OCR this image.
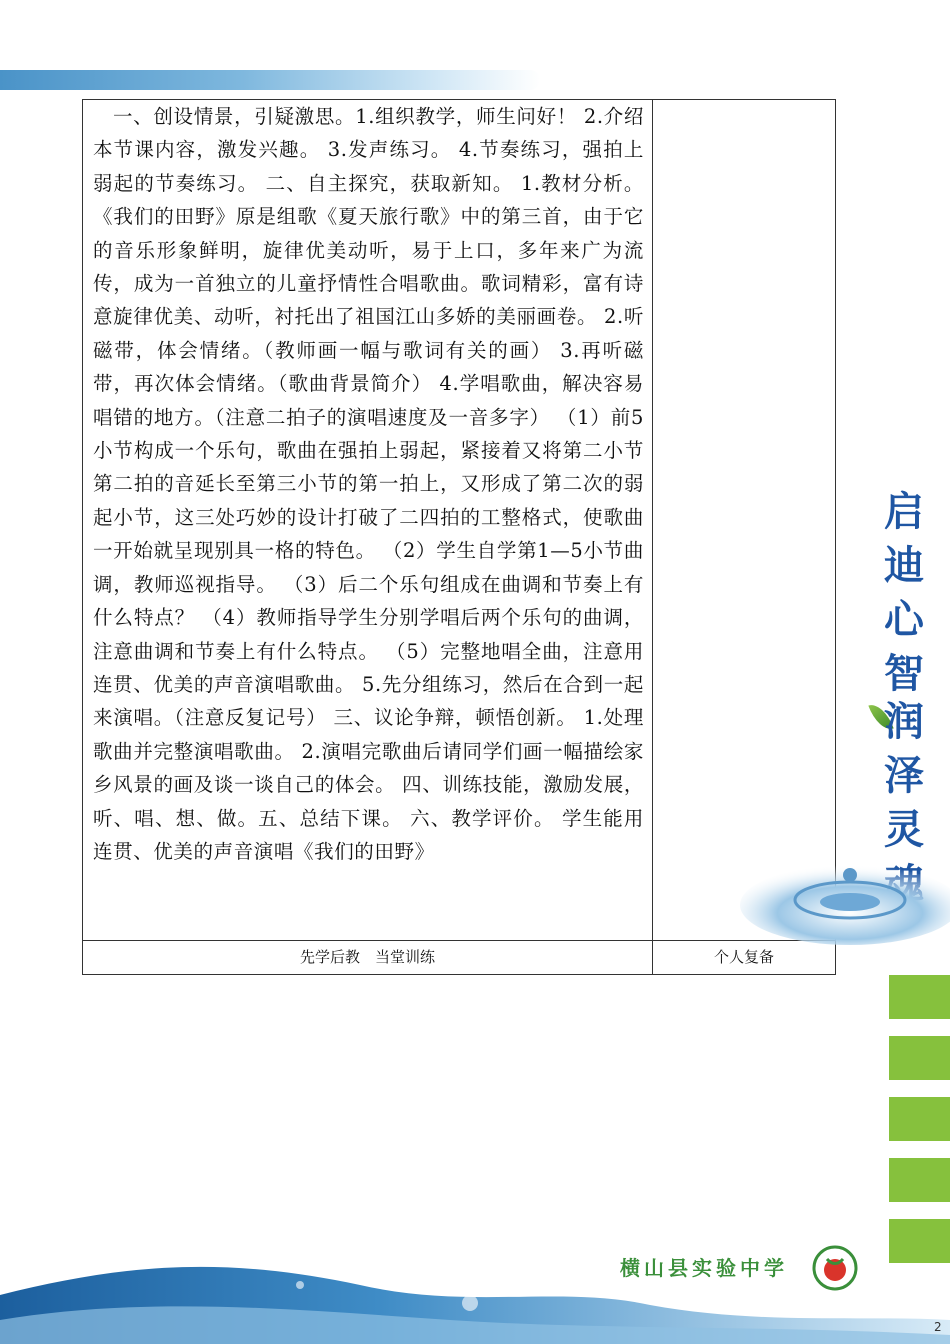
一、创设情景，引疑激思。1.组织教学，师生问好！ 2.介绍本节课内容，激发兴趣。 3.发声练习。 4.节奏练习，强拍上弱起的节奏练习。 二、自主探究，获取新知。 1.教材分析。 《我们的田野》原是组歌《夏天旅行歌》中的第三首，由于它的音乐形象鲜明，旋律优美动听，易于上口，多年来广为流传，成为一首独立的儿童抒情性合唱歌曲。歌词精彩，富有诗意旋律优美、动听，衬托出了祖国江山多娇的美丽画卷。 2.听磁带，体会情绪。（教师画一幅与歌词有关的画） 3.再听磁带，再次体会情绪。（歌曲背景简介） 4.学唱歌曲，解决容易唱错的地方。（注意二拍子的演唱速度及一音多字） （1）前5小节构成一个乐句，歌曲在强拍上弱起，紧接着又将第二小节第二拍的音延长至第三小节的第一拍上，又形成了第二次的弱起小节，这三处巧妙的设计打破了二四拍的工整格式，使歌曲一开始就呈现别具一格的特色。 （2）学生自学第1—5小节曲调，教师巡视指导。 （3）后二个乐句组成在曲调和节奏上有什么特点？ （4）教师指导学生分别学唱后两个乐句的曲调，注意曲调和节奏上有什么特点。 （5）完整地唱全曲，注意用连贯、优美的声音演唱歌曲。 5.先分组练习，然后在合到一起来演唱。（注意反复记号） 三、议论争辩，顿悟创新。 1.处理歌曲并完整演唱歌曲。 2.演唱完歌曲后请同学们画一幅描绘家乡风景的画及谈一谈自己的体会。 四、训练技能，激励发展，听、唱、想、做。五、总结下课。 六、教学评价。 学生能用连贯、优美的声音演唱《我们的田野》	

先学后教　当堂训练	个人复备
启
迪
心
智
润
泽
灵
横山县实验中学
2
